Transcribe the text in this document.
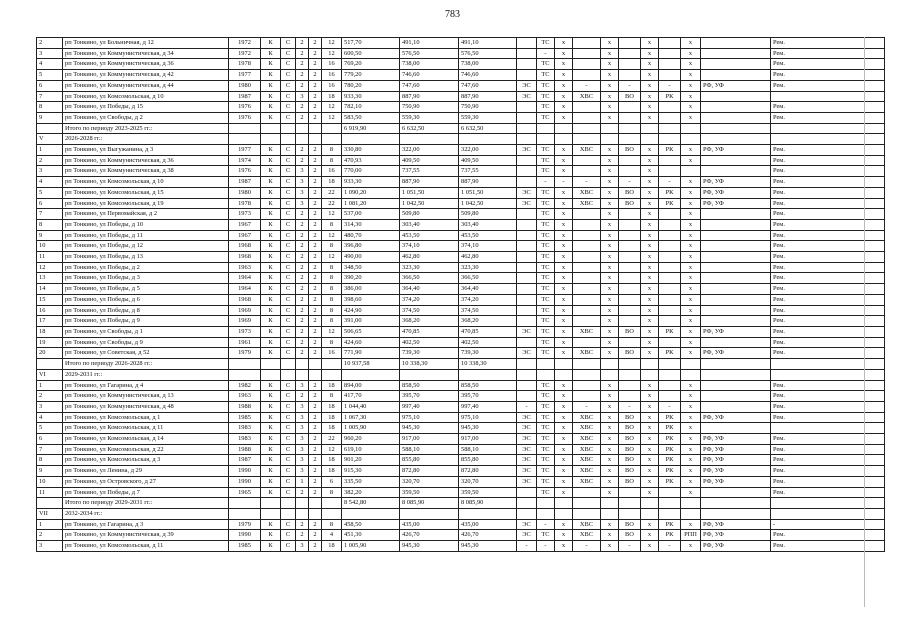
783
2	рп Тонкино, ул Больничная, д 12	1972	К	С	2	2	12	517,70	491,10	491,10		ТС	х		х		х		х		Рем.
3	рп Тонкино, ул Коммунистическая, д 34	1972	К	С	2	2	12	600,50	576,50	576,50		-	х		х		х		х		Рем.
4	рп Тонкино, ул Коммунистическая, д 36	1978	К	С	2	2	16	769,20	738,00	738,00		ТС	х		х		х		х		Рем.
5	рп Тонкино, ул Коммунистическая, д 42	1977	К	С	2	2	16	779,20	746,60	746,60		ТС	х		х		х		х		Рем.
6	рп Тонкино, ул Коммунистическая, д 44	1980	К	С	2	2	16	780,20	747,60	747,60	ЭС	ТС	х	-	х	-	х	-	х	РФ, УФ	Рем.
7	рп Тонкино, ул Комсомольская, д 10	1987	К	С	3	2	18	933,30	887,90	887,90	ЭС	ТС	х	ХВС	х	ВО	х	РК	х		
8	рп Тонкино, ул Победы, д 15	1976	К	С	2	2	12	782,10	750,90	750,90		ТС	х		х		х		х		Рем.
9	рп Тонкино, ул Свободы, д 2	1976	К	С	2	2	12	583,50	559,30	559,30		ТС	х		х		х		х		Рем.
	Итого по периоду 2023-2025 гг.:							6 919,90	6 632,50	6 632,50											
V	2026-2028 гг.:																				
1	рп Тонкино, ул Выгужанина, д 3	1977	К	С	2	2	8	330,80	322,00	322,00	ЭС	ТС	х	ХВС	х	ВО	х	РК	х	РФ, УФ	Рем.
2	рп Тонкино, ул Коммунистическая, д 36	1974	К	С	2	2	8	470,93	409,50	409,50		ТС	х		х		х		х		Рем.
3	рп Тонкино, ул Коммунистическая, д 38	1976	К	С	3	2	16	770,00	737,55	737,55		ТС	х		х		х				Рем.
4	рп Тонкино, ул Комсомольская, д 10	1987	К	С	3	2	18	933,30	887,90	887,90		-	-	-	х	-	х	-	х	РФ, УФ	Рем.
5	рп Тонкино, ул Комсомольская, д 15	1980	К	С	3	2	22	1 090,20	1 051,50	1 051,50	ЭС	ТС	х	ХВС	х	ВО	х	РК	х	РФ, УФ	Рем.
6	рп Тонкино, ул Комсомольская, д 19	1978	К	С	3	2	22	1 081,20	1 042,50	1 042,50	ЭС	ТС	х	ХВС	х	ВО	х	РК	х	РФ, УФ	Рем.
7	рп Тонкино, ул Первомайская, д 2	1973	К	С	2	2	12	537,00	509,80	509,80		ТС	х		х		х		х		Рем.
8	рп Тонкино, ул Победы, д 10	1967	К	С	2	2	8	314,30	303,40	303,40		ТС	х		х		х		х		Рем.
9	рп Тонкино, ул Победы, д 11	1967	К	С	2	2	12	480,70	453,50	453,50		ТС	х		х		х		х		Рем.
10	рп Тонкино, ул Победы, д 12	1968	К	С	2	2	8	396,80	374,10	374,10		ТС	х		х		х		х		Рем.
11	рп Тонкино, ул Победы, д 13	1968	К	С	2	2	12	490,00	462,80	462,80		ТС	х		х		х		х		Рем.
12	рп Тонкино, ул Победы, д 2	1963	К	С	2	2	8	348,50	323,30	323,30		ТС	х		х		х		х		Рем.
13	рп Тонкино, ул Победы, д 3	1964	К	С	2	2	8	390,20	366,50	366,50		ТС	х		х		х		х		Рем.
14	рп Тонкино, ул Победы, д 5	1964	К	С	2	2	8	386,00	364,40	364,40		ТС	х		х		х		х		Рем.
15	рп Тонкино, ул Победы, д 6	1968	К	С	2	2	8	398,60	374,20	374,20		ТС	х		х		х		х		Рем.
16	рп Тонкино, ул Победы, д 8	1969	К	С	2	2	8	424,90	374,50	374,50		ТС	х		х		х		х		Рем.
17	рп Тонкино, ул Победы, д 9	1969	К	С	2	2	8	391,00	368,20	368,20		ТС	х		х		х		х		Рем.
18	рп Тонкино, ул Свободы, д 1	1973	К	С	2	2	12	506,65	470,85	470,85	ЭС	ТС	х	ХВС	х	ВО	х	РК	х	РФ, УФ	Рем.
19	рп Тонкино, ул Свободы, д 9	1961	К	С	2	2	8	424,60	402,50	402,50		ТС	х		х		х		х		Рем.
20	рп Тонкино, ул Советская, д 52	1979	К	С	2	2	16	771,90	739,30	739,30	ЭС	ТС	х	ХВС	х	ВО	х	РК	х	РФ, УФ	Рем.
	Итого по периоду 2026-2028 гг.:							10 937,58	10 338,30	10 338,30											
VI	2029-2031 гг.:																				
1	рп Тонкино, ул Гагарина, д 4	1982	К	С	3	2	18	894,00	858,50	858,50		ТС	х		х		х		х		Рем.
2	рп Тонкино, ул Коммунистическая, д 13	1963	К	С	2	2	8	417,70	395,70	395,70		ТС	х		х		х		х		Рем.
3	рп Тонкино, ул Коммунистическая, д 48	1988	К	С	3	2	18	1 044,40	997,40	997,40	-	ТС	х	-	х	-	х	-	х		Рем.
4	рп Тонкино, ул Комсомольская, д 1	1985	К	С	3	2	18	1 067,30	975,10	975,10	ЭС	ТС	х	ХВС	х	ВО	х	РК	х	РФ, УФ	Рем.
5	рп Тонкино, ул Комсомольская, д 11	1983	К	С	3	2	18	1 005,90	945,30	945,30	ЭС	ТС	х	ХВС	х	ВО	х	РК	х		
6	рп Тонкино, ул Комсомольская, д 14	1983	К	С	3	2	22	960,20	917,00	917,00	ЭС	ТС	х	ХВС	х	ВО	х	РК	х	РФ, УФ	Рем.
7	рп Тонкино, ул Комсомольская, д 22	1988	К	С	3	2	12	619,10	588,10	588,10	ЭС	ТС	х	ХВС	х	ВО	х	РК	х	РФ, УФ	Рем.
8	рп Тонкино, ул Комсомольская, д 3	1987	К	С	3	2	18	901,20	855,80	855,80	ЭС	ТС	х	ХВС	х	ВО	х	РК	х	РФ, УФ	Рем.
9	рп Тонкино, ул Ленина, д 29	1990	К	С	3	2	18	915,30	872,80	872,80	ЭС	ТС	х	ХВС	х	ВО	х	РК	х	РФ, УФ	Рем.
10	рп Тонкино, ул Островского, д 27	1990	К	С	1	2	6	335,50	320,70	320,70	ЭС	ТС	х	ХВС	х	ВО	х	РК	х	РФ, УФ	Рем.
11	рп Тонкино, ул Победы, д 7	1965	К	С	2	2	8	382,20	359,50	359,50		ТС	х		х		х		х		Рем.
	Итого по периоду 2029-2031 гг.:							8 542,80	8 085,90	8 085,90											
VII	2032-2034 гг.:																				
1	рп Тонкино, ул Гагарина, д 3	1979	К	С	2	2	8	458,50	435,00	435,00	ЭС	-	х	ХВС	х	ВО	х	РК	х	РФ, УФ	-
2	рп Тонкино, ул Коммунистическая, д 39	1990	К	С	2	2	4	451,30	426,70	426,70	ЭС	ТС	х	ХВС	х	ВО	х	РК	РПП	РФ, УФ	Рем.
3	рп Тонкино, ул Комсомольская, д 11	1985	К	С	3	2	18	1 005,90	945,30	945,30	-	-	х	-	х	-	х	-	х	РФ, УФ	Рем.
